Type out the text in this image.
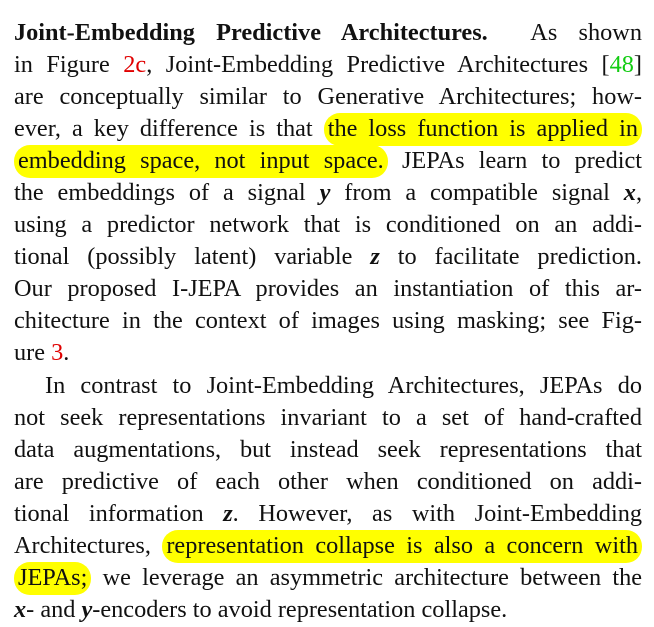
Joint-Embedding Predictive Architectures. As shown
in Figure 2c, Joint-Embedding Predictive Architectures [48]
are conceptually similar to Generative Architectures; how-
ever, a key difference is that the loss function is applied in
embedding space, not input space. JEPAs learn to predict
the embeddings of a signal y from a compatible signal x,
using a predictor network that is conditioned on an addi-
tional (possibly latent) variable z to facilitate prediction.
Our proposed I-JEPA provides an instantiation of this ar-
chitecture in the context of images using masking; see Fig-
ure 3.
In contrast to Joint-Embedding Architectures, JEPAs do
not seek representations invariant to a set of hand-crafted
data augmentations, but instead seek representations that
are predictive of each other when conditioned on addi-
tional information z. However, as with Joint-Embedding
Architectures, representation collapse is also a concern with
JEPAs; we leverage an asymmetric architecture between the
x- and y-encoders to avoid representation collapse.
